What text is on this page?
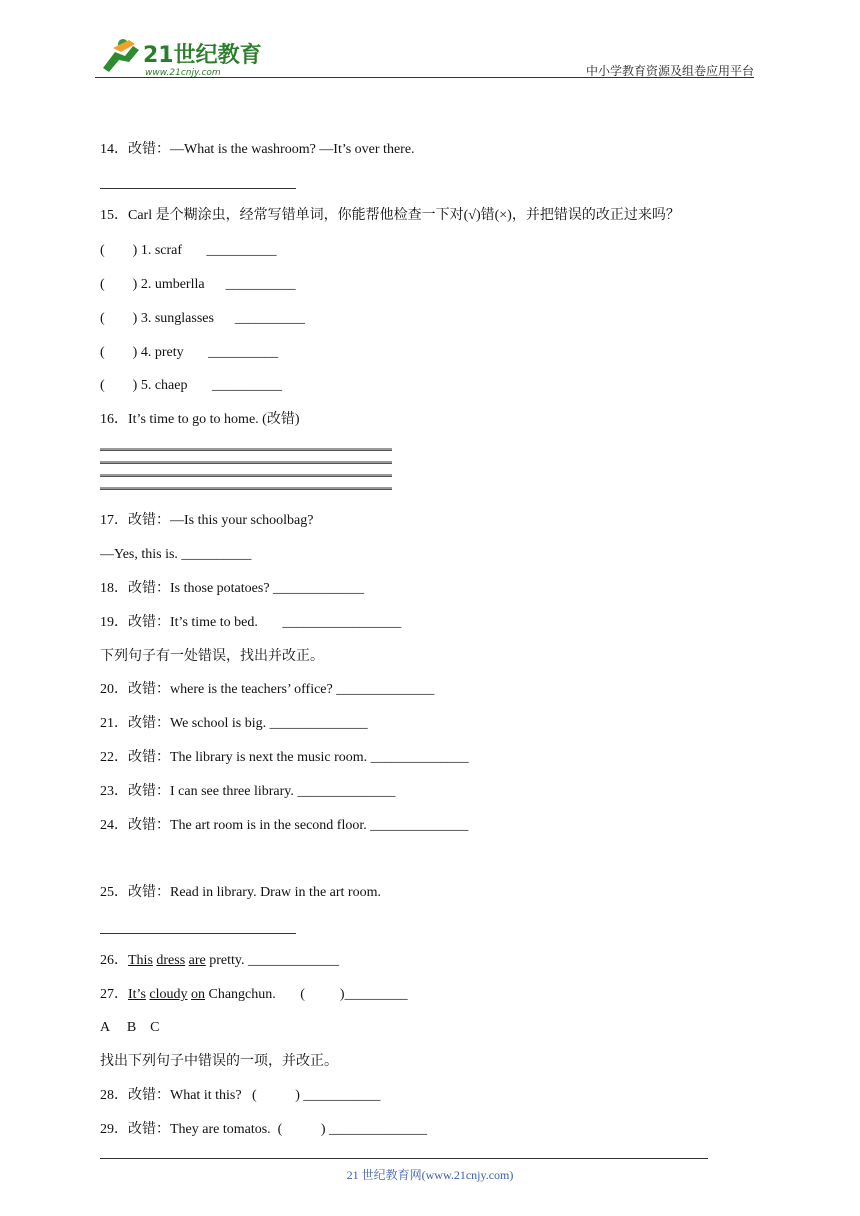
21世纪教育
www.21cnjy.com	中小学教育资源及组卷应用平台
14．改错：—What is the washroom? —It’s over there.
15．Carl 是个糊涂虫，经常写错单词，你能帮他检查一下对(√)错(×)，并把错误的改正过来吗？
(        ) 1. scraf       __________
(        ) 2. umberlla      __________
(        ) 3. sunglasses      __________
(        ) 4. prety       __________
(        ) 5. chaep       __________
16．It’s time to go to home. (改错)
17．改错：—Is this your schoolbag?
—Yes, this is. __________
18．改错：Is those potatoes? _____________
19．改错：It’s time to bed.       _________________
下列句子有一处错误，找出并改正。
20．改错：where is the teachers’ office? ______________
21．改错：We school is big. ______________
22．改错：The library is next the music room. ______________
23．改错：I can see three library. ______________
24．改错：The art room is in the second floor. ______________
25．改错：Read in library. Draw in the art room.
26．This dress are pretty. _____________
27．It’s cloudy on Changchun.       (          )_________
A     B    C
找出下列句子中错误的一项，并改正。
28．改错：What it this?   (           ) ___________
29．改错：They are tomatos.  (           ) ______________
21 世纪教育网(www.21cnjy.com)
